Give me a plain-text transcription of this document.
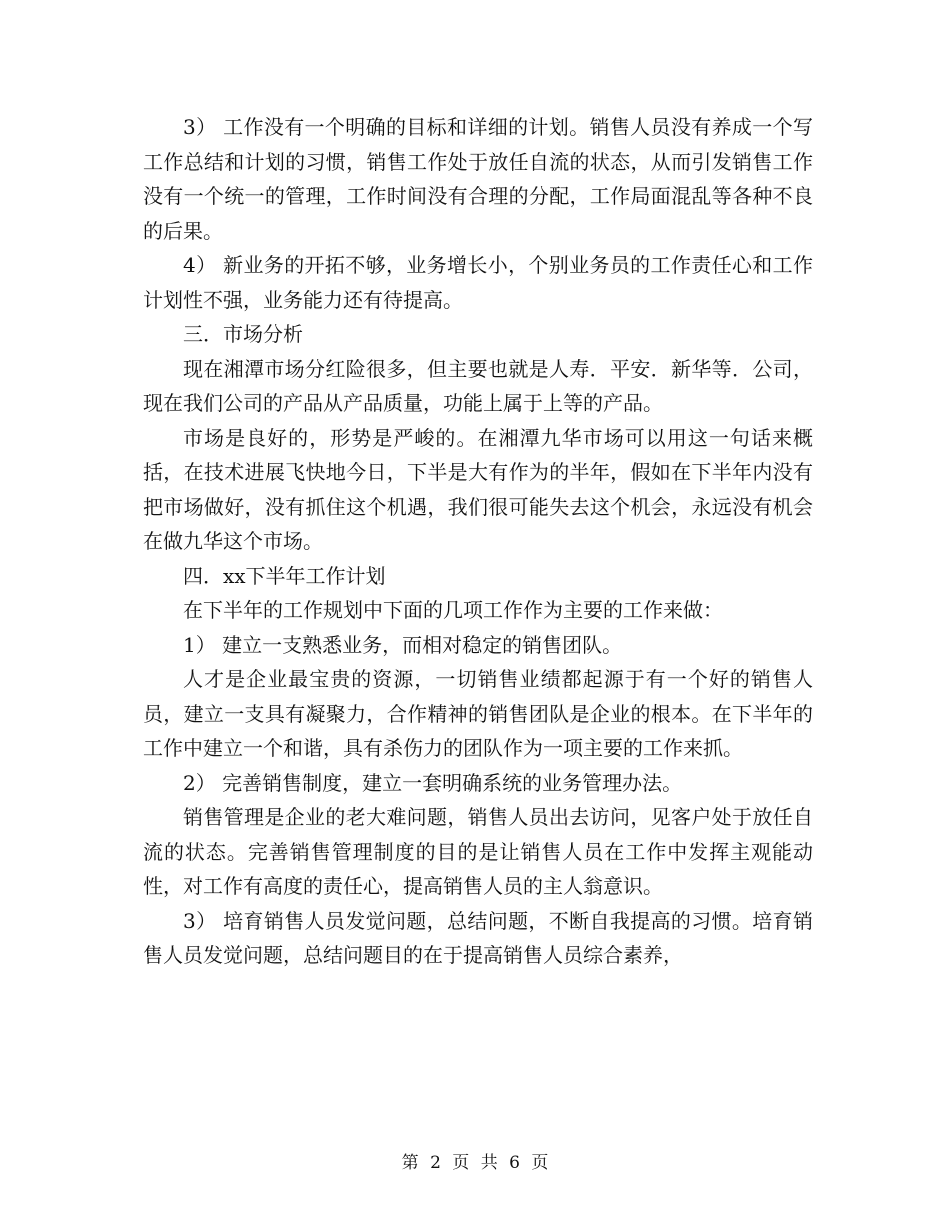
3） 工作没有一个明确的目标和详细的计划。销售人员没有养成一个写工作总结和计划的习惯，销售工作处于放任自流的状态，从而引发销售工作没有一个统一的管理，工作时间没有合理的分配，工作局面混乱等各种不良的后果。

4） 新业务的开拓不够，业务增长小，个别业务员的工作责任心和工作计划性不强，业务能力还有待提高。

三．市场分析

现在湘潭市场分红险很多，但主要也就是人寿．平安．新华等．公司，现在我们公司的产品从产品质量，功能上属于上等的产品。

市场是良好的，形势是严峻的。在湘潭九华市场可以用这一句话来概括，在技术进展飞快地今日，下半是大有作为的半年，假如在下半年内没有把市场做好，没有抓住这个机遇，我们很可能失去这个机会，永远没有机会在做九华这个市场。

四．xx下半年工作计划

在下半年的工作规划中下面的几项工作作为主要的工作来做：

1） 建立一支熟悉业务，而相对稳定的销售团队。

人才是企业最宝贵的资源，一切销售业绩都起源于有一个好的销售人员，建立一支具有凝聚力，合作精神的销售团队是企业的根本。在下半年的工作中建立一个和谐，具有杀伤力的团队作为一项主要的工作来抓。

2） 完善销售制度，建立一套明确系统的业务管理办法。

销售管理是企业的老大难问题，销售人员出去访问，见客户处于放任自流的状态。完善销售管理制度的目的是让销售人员在工作中发挥主观能动性，对工作有高度的责任心，提高销售人员的主人翁意识。

3） 培育销售人员发觉问题，总结问题，不断自我提高的习惯。培育销售人员发觉问题，总结问题目的在于提高销售人员综合素养，

第 2 页 共 6 页
